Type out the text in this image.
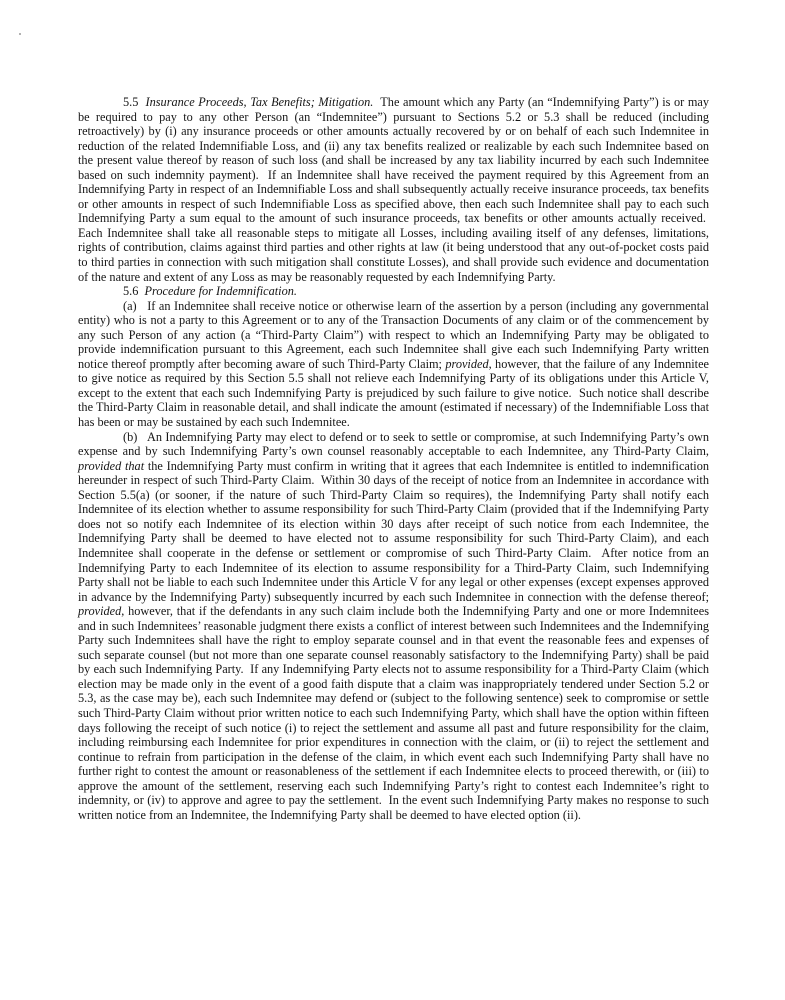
5.5  Insurance Proceeds, Tax Benefits; Mitigation.  The amount which any Party (an “Indemnifying Party”) is or may be required to pay to any other Person (an “Indemnitee”) pursuant to Sections 5.2 or 5.3 shall be reduced (including retroactively) by (i) any insurance proceeds or other amounts actually recovered by or on behalf of each such Indemnitee in reduction of the related Indemnifiable Loss, and (ii) any tax benefits realized or realizable by each such Indemnitee based on the present value thereof by reason of such loss (and shall be increased by any tax liability incurred by each such Indemnitee based on such indemnity payment).  If an Indemnitee shall have received the payment required by this Agreement from an Indemnifying Party in respect of an Indemnifiable Loss and shall subsequently actually receive insurance proceeds, tax benefits or other amounts in respect of such Indemnifiable Loss as specified above, then each such Indemnitee shall pay to each such Indemnifying Party a sum equal to the amount of such insurance proceeds, tax benefits or other amounts actually received.  Each Indemnitee shall take all reasonable steps to mitigate all Losses, including availing itself of any defenses, limitations, rights of contribution, claims against third parties and other rights at law (it being understood that any out-of-pocket costs paid to third parties in connection with such mitigation shall constitute Losses), and shall provide such evidence and documentation of the nature and extent of any Loss as may be reasonably requested by each Indemnifying Party.

5.6  Procedure for Indemnification.

(a)   If an Indemnitee shall receive notice or otherwise learn of the assertion by a person (including any governmental entity) who is not a party to this Agreement or to any of the Transaction Documents of any claim or of the commencement by any such Person of any action (a “Third-Party Claim”) with respect to which an Indemnifying Party may be obligated to provide indemnification pursuant to this Agreement, each such Indemnitee shall give each such Indemnifying Party written notice thereof promptly after becoming aware of such Third-Party Claim; provided, however, that the failure of any Indemnitee to give notice as required by this Section 5.5 shall not relieve each Indemnifying Party of its obligations under this Article V, except to the extent that each such Indemnifying Party is prejudiced by such failure to give notice.  Such notice shall describe the Third-Party Claim in reasonable detail, and shall indicate the amount (estimated if necessary) of the Indemnifiable Loss that has been or may be sustained by each such Indemnitee.

(b)   An Indemnifying Party may elect to defend or to seek to settle or compromise, at such Indemnifying Party’s own expense and by such Indemnifying Party’s own counsel reasonably acceptable to each Indemnitee, any Third-Party Claim, provided that the Indemnifying Party must confirm in writing that it agrees that each Indemnitee is entitled to indemnification hereunder in respect of such Third-Party Claim.  Within 30 days of the receipt of notice from an Indemnitee in accordance with Section 5.5(a) (or sooner, if the nature of such Third-Party Claim so requires), the Indemnifying Party shall notify each Indemnitee of its election whether to assume responsibility for such Third-Party Claim (provided that if the Indemnifying Party does not so notify each Indemnitee of its election within 30 days after receipt of such notice from each Indemnitee, the Indemnifying Party shall be deemed to have elected not to assume responsibility for such Third-Party Claim), and each Indemnitee shall cooperate in the defense or settlement or compromise of such Third-Party Claim.  After notice from an Indemnifying Party to each Indemnitee of its election to assume responsibility for a Third-Party Claim, such Indemnifying Party shall not be liable to each such Indemnitee under this Article V for any legal or other expenses (except expenses approved in advance by the Indemnifying Party) subsequently incurred by each such Indemnitee in connection with the defense thereof; provided, however, that if the defendants in any such claim include both the Indemnifying Party and one or more Indemnitees and in such Indemnitees’ reasonable judgment there exists a conflict of interest between such Indemnitees and the Indemnifying Party such Indemnitees shall have the right to employ separate counsel and in that event the reasonable fees and expenses of such separate counsel (but not more than one separate counsel reasonably satisfactory to the Indemnifying Party) shall be paid by each such Indemnifying Party.  If any Indemnifying Party elects not to assume responsibility for a Third-Party Claim (which election may be made only in the event of a good faith dispute that a claim was inappropriately tendered under Section 5.2 or 5.3, as the case may be), each such Indemnitee may defend or (subject to the following sentence) seek to compromise or settle such Third-Party Claim without prior written notice to each such Indemnifying Party, which shall have the option within fifteen days following the receipt of such notice (i) to reject the settlement and assume all past and future responsibility for the claim, including reimbursing each Indemnitee for prior expenditures in connection with the claim, or (ii) to reject the settlement and continue to refrain from participation in the defense of the claim, in which event each such Indemnifying Party shall have no further right to contest the amount or reasonableness of the settlement if each Indemnitee elects to proceed therewith, or (iii) to approve the amount of the settlement, reserving each such Indemnifying Party’s right to contest each Indemnitee’s right to indemnity, or (iv) to approve and agree to pay the settlement.  In the event such Indemnifying Party makes no response to such written notice from an Indemnitee, the Indemnifying Party shall be deemed to have elected option (ii).
